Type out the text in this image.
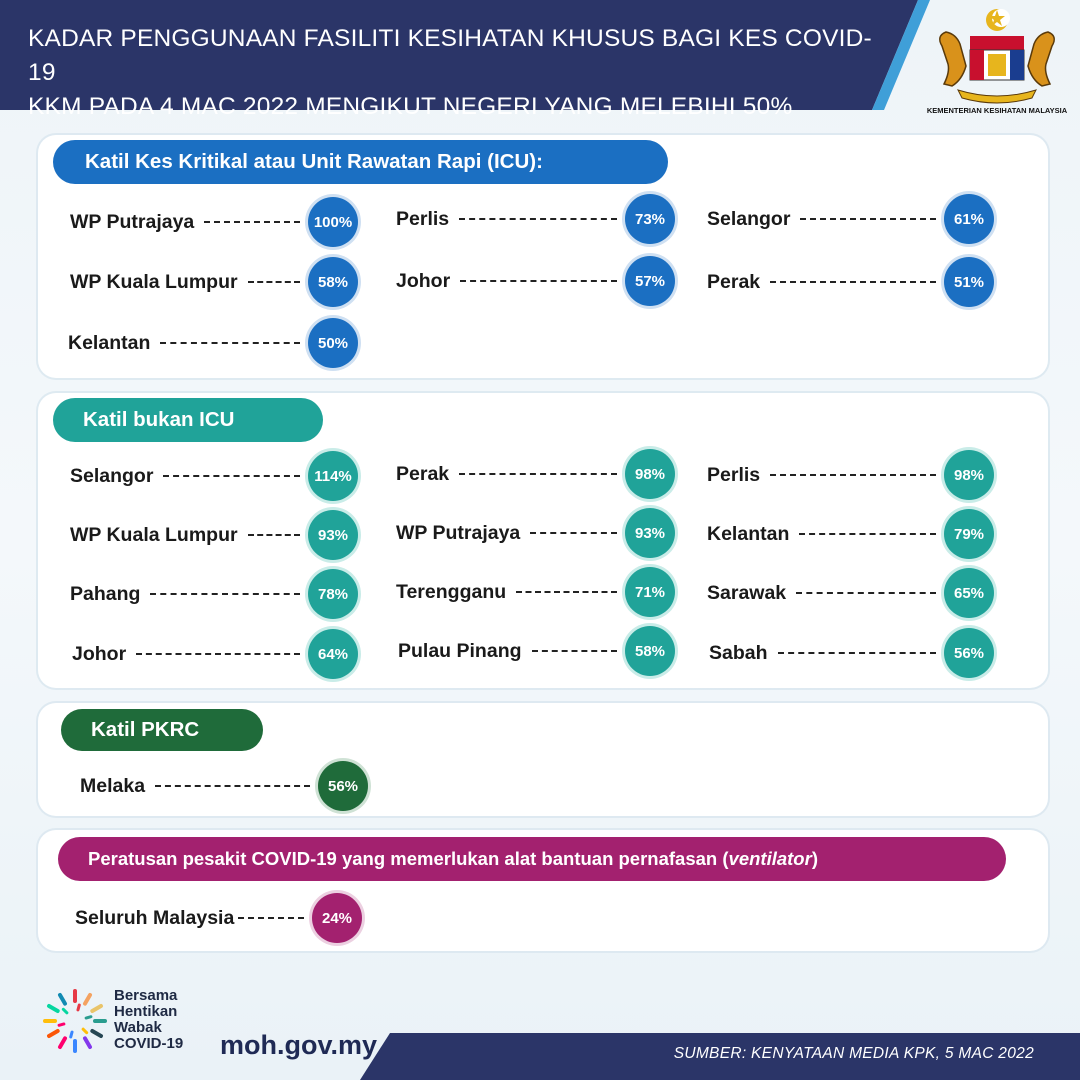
KADAR PENGGUNAAN FASILITI KESIHATAN KHUSUS BAGI KES COVID-19
KKM PADA 4 MAC 2022 MENGIKUT NEGERI YANG MELEBIHI 50%	KEMENTERIAN KESIHATAN MALAYSIA
Katil Kes Kritikal atau Unit Rawatan Rapi (ICU):
WP Putrajaya	100% Perlis	73%	Selangor	61%
WP Kuala Lumpur	58%	Johor	57%	Perak	51%
Kelantan	50%
Katil bukan ICU
Selangor	114%	Perak	98%	Perlis	98%
WP Kuala Lumpur	93%	WP Putrajaya	93%	Kelantan	79%
Pahang	78%	Terengganu	71%	Sarawak	65%
Johor	64%	Pulau Pinang	58%	Sabah	56%
Katil PKRC
Melaka	56%
Peratusan pesakit COVID-19 yang memerlukan alat bantuan pernafasan ( ventilator )
Seluruh Malaysia	24%
Bersama
Hentikan
Wabak
COVID-19 moh.gov.my	SUMBER: KENYATAAN MEDIA KPK, 5 MAC 2022
